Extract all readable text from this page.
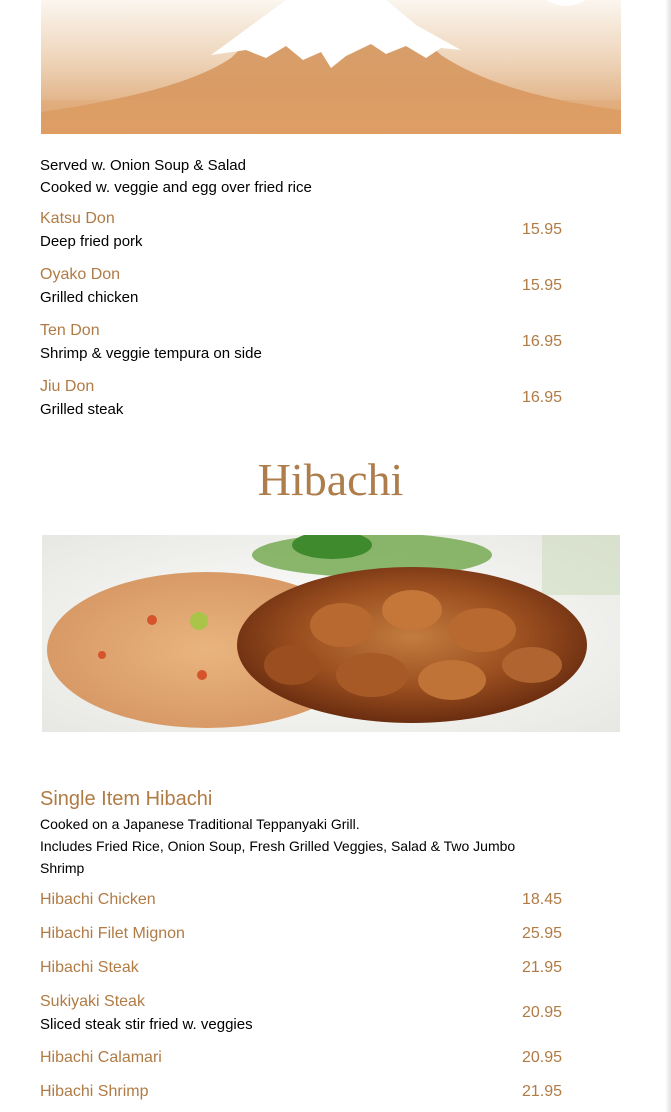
Served w. Onion Soup & Salad
Cooked w. veggie and egg over fried rice
Katsu Don
Deep fried pork
15.95
Oyako Don
Grilled chicken
15.95
Ten Don
Shrimp & veggie tempura on side
16.95
Jiu Don
Grilled steak
16.95
Hibachi
Single Item Hibachi
Cooked on a Japanese Traditional Teppanyaki Grill.
Includes Fried Rice, Onion Soup, Fresh Grilled Veggies, Salad & Two Jumbo Shrimp
Hibachi Chicken	18.45
Hibachi Filet Mignon	25.95
Hibachi Steak	21.95
Sukiyaki Steak
Sliced steak stir fried w. veggies
20.95
Hibachi Calamari	20.95
Hibachi Shrimp	21.95
